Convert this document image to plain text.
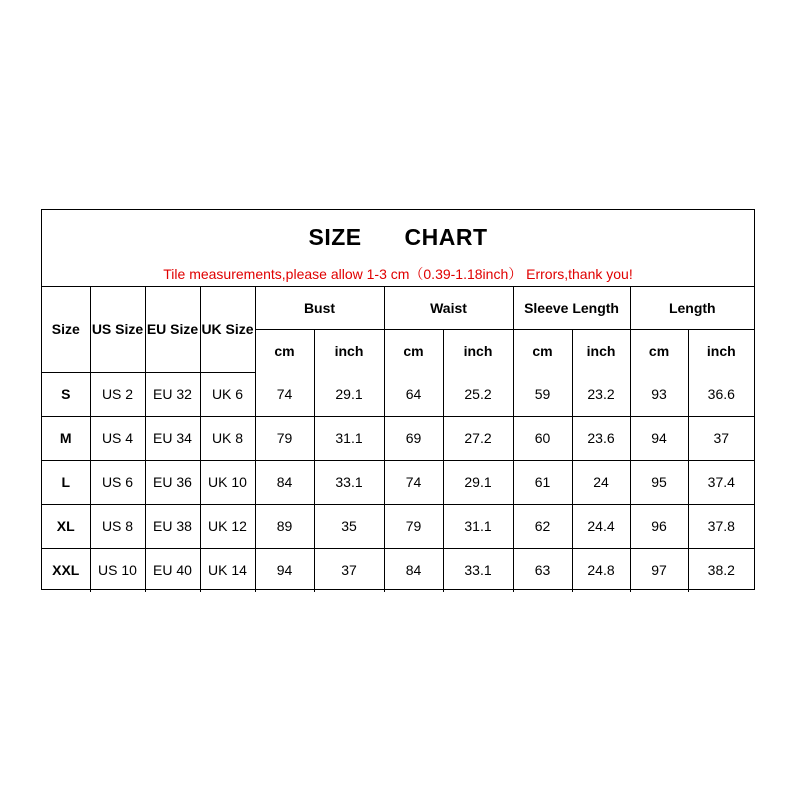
SIZE CHART
Tile measurements,please allow 1-3 cm（0.39-1.18inch） Errors,thank you!
Size	US Size	EU Size	UK Size	Bust		Waist		Sleeve Length		Length	
				cm	inch	cm	inch	cm	inch	cm	inch
S	US 2	EU 32	UK 6	74	29.1	64	25.2	59	23.2	93	36.6
M	US 4	EU 34	UK 8	79	31.1	69	27.2	60	23.6	94	37
L	US 6	EU 36	UK 10	84	33.1	74	29.1	61	24	95	37.4
XL	US 8	EU 38	UK 12	89	35	79	31.1	62	24.4	96	37.8
XXL	US 10	EU 40	UK 14	94	37	84	33.1	63	24.8	97	38.2
